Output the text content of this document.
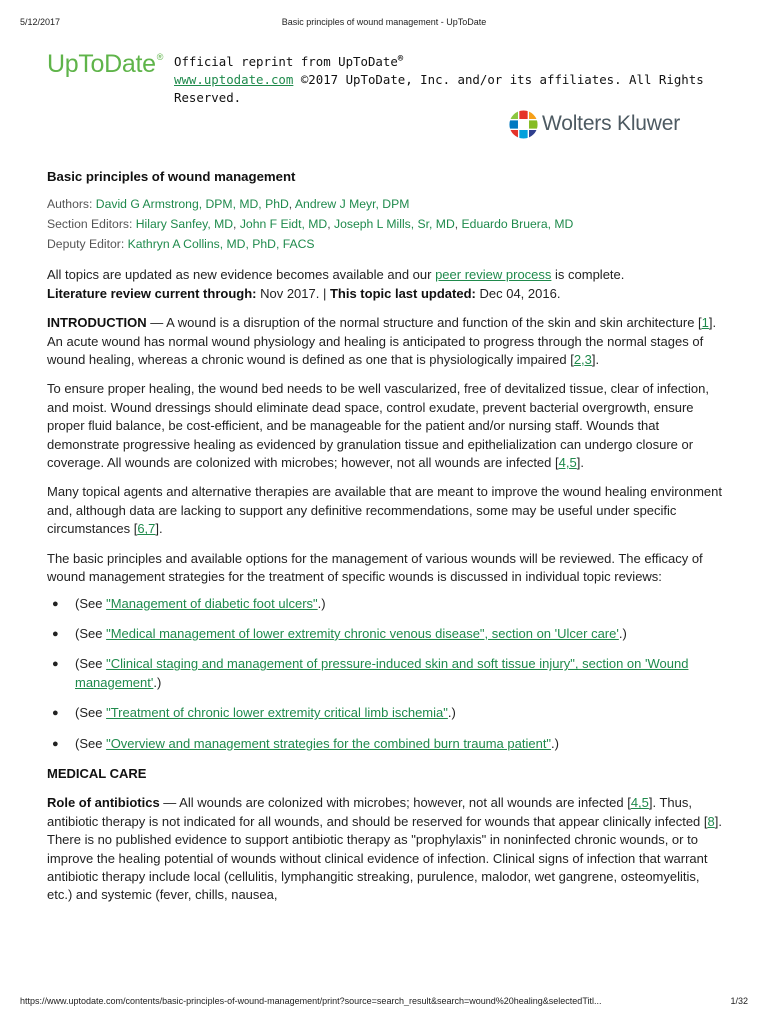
5/12/2017	Basic principles of wound management - UpToDate
UpToDate® Official reprint from UpToDate®
www.uptodate.com ©2017 UpToDate, Inc. and/or its affiliates. All Rights Reserved.
Wolters Kluwer
Basic principles of wound management
Authors: David G Armstrong, DPM, MD, PhD, Andrew J Meyr, DPM
Section Editors: Hilary Sanfey, MD, John F Eidt, MD, Joseph L Mills, Sr, MD, Eduardo Bruera, MD
Deputy Editor: Kathryn A Collins, MD, PhD, FACS

All topics are updated as new evidence becomes available and our peer review process is complete.
Literature review current through: Nov 2017. | This topic last updated: Dec 04, 2016.

INTRODUCTION — A wound is a disruption of the normal structure and function of the skin and skin architecture [1]. An acute wound has normal wound physiology and healing is anticipated to progress through the normal stages of wound healing, whereas a chronic wound is defined as one that is physiologically impaired [2,3].

To ensure proper healing, the wound bed needs to be well vascularized, free of devitalized tissue, clear of infection, and moist. Wound dressings should eliminate dead space, control exudate, prevent bacterial overgrowth, ensure proper fluid balance, be cost-efficient, and be manageable for the patient and/or nursing staff. Wounds that demonstrate progressive healing as evidenced by granulation tissue and epithelialization can undergo closure or coverage. All wounds are colonized with microbes; however, not all wounds are infected [4,5].

Many topical agents and alternative therapies are available that are meant to improve the wound healing environment and, although data are lacking to support any definitive recommendations, some may be useful under specific circumstances [6,7].

The basic principles and available options for the management of various wounds will be reviewed. The efficacy of wound management strategies for the treatment of specific wounds is discussed in individual topic reviews:

● (See "Management of diabetic foot ulcers".)
● (See "Medical management of lower extremity chronic venous disease", section on 'Ulcer care'.)
● (See "Clinical staging and management of pressure-induced skin and soft tissue injury", section on 'Wound management'.)
● (See "Treatment of chronic lower extremity critical limb ischemia".)
● (See "Overview and management strategies for the combined burn trauma patient".)
MEDICAL CARE

Role of antibiotics — All wounds are colonized with microbes; however, not all wounds are infected [4,5]. Thus, antibiotic therapy is not indicated for all wounds, and should be reserved for wounds that appear clinically infected [8]. There is no published evidence to support antibiotic therapy as "prophylaxis" in noninfected chronic wounds, or to improve the healing potential of wounds without clinical evidence of infection. Clinical signs of infection that warrant antibiotic therapy include local (cellulitis, lymphangitic streaking, purulence, malodor, wet gangrene, osteomyelitis, etc.) and systemic (fever, chills, nausea,

https://www.uptodate.com/contents/basic-principles-of-wound-management/print?source=search_result&search=wound%20healing&selectedTitl...	1/32
